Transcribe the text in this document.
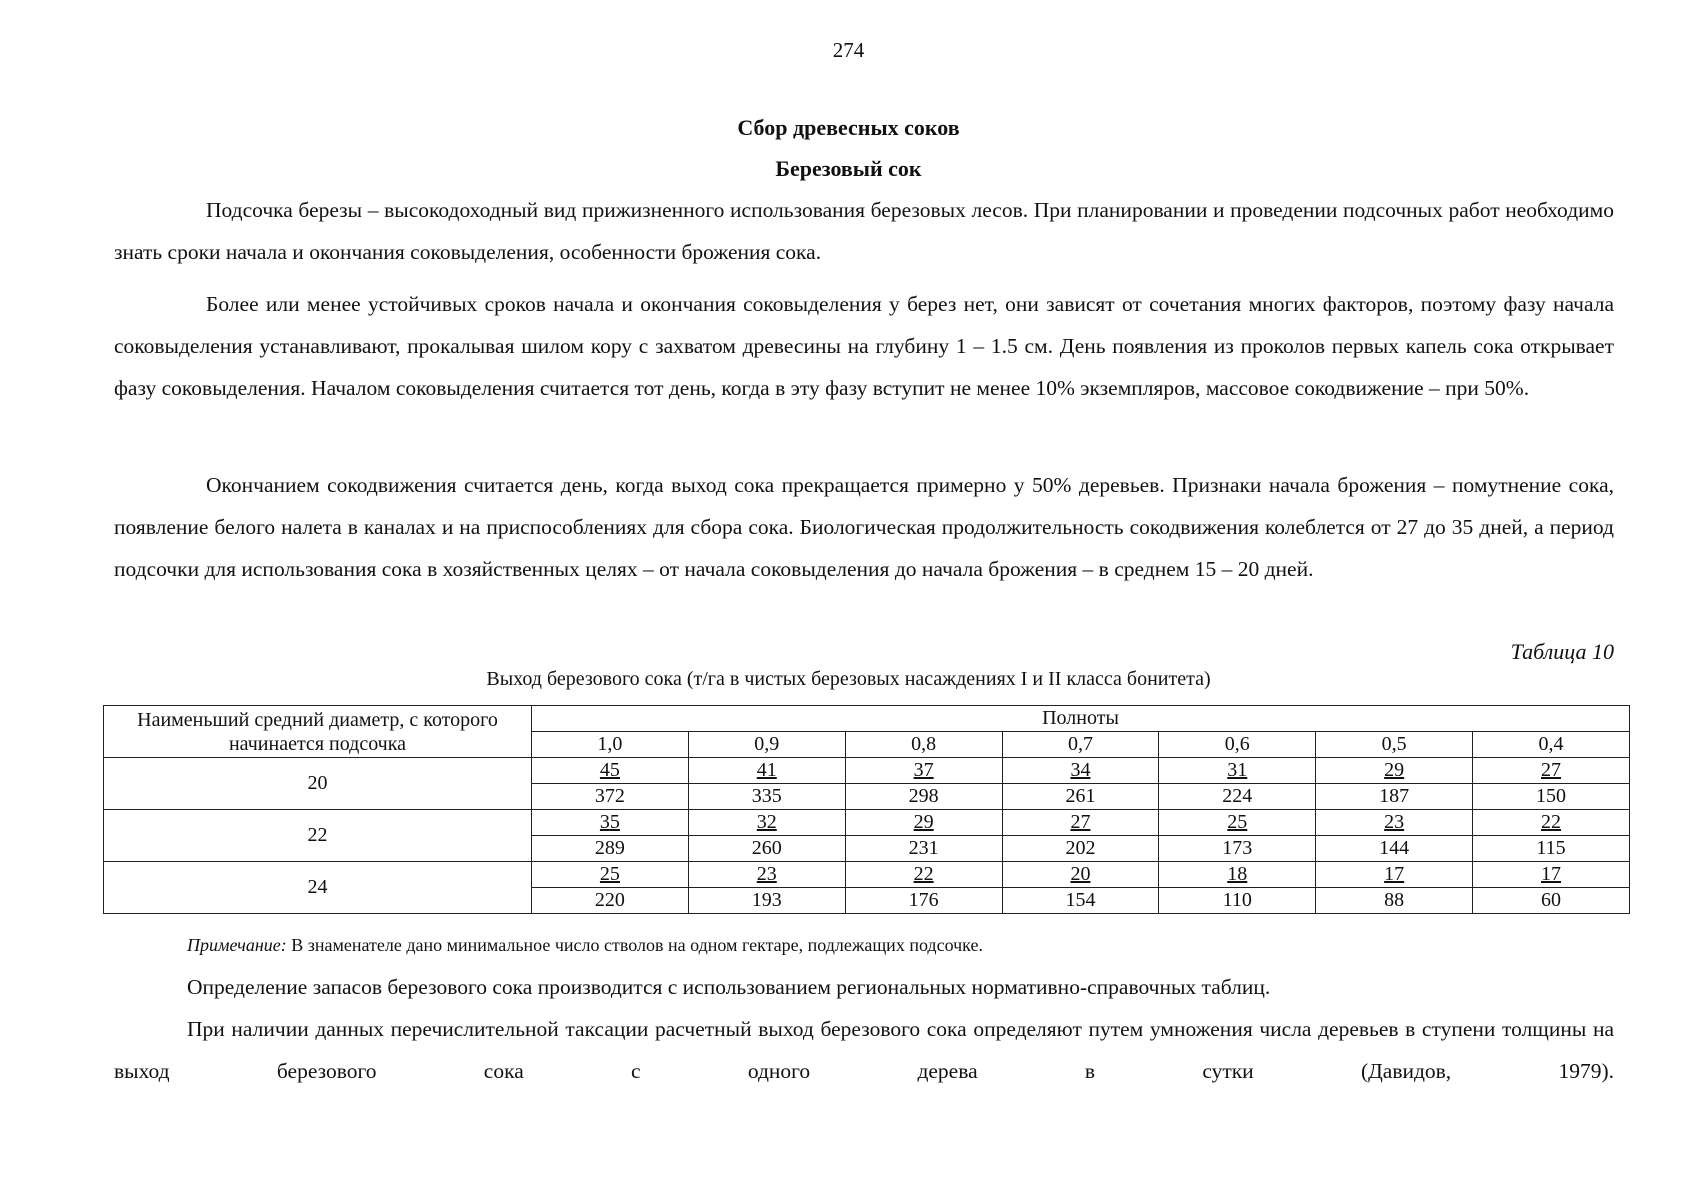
274
Сбор древесных соков
Березовый сок

Подсочка березы – высокодоходный вид прижизненного использования березовых лесов. При планировании и проведении подсочных работ необходимо знать сроки начала и окончания соковыделения, особенности брожения сока.

Более или менее устойчивых сроков начала и окончания соковыделения у берез нет, они зависят от сочетания многих факторов, поэтому фазу начала соковыделения устанавливают, прокалывая шилом кору с захватом древесины на глубину 1 – 1.5 см. День появления из проколов первых капель сока открывает фазу соковыделения. Началом соковыделения считается тот день, когда в эту фазу вступит не менее 10% экземпляров, массовое сокодвижение – при 50%.

Окончанием сокодвижения считается день, когда выход сока прекращается примерно у 50% деревьев. Признаки начала брожения – помутнение сока, появление белого налета в каналах и на приспособлениях для сбора сока. Биологическая продолжительность сокодвижения колеблется от 27 до 35 дней, а период подсочки для использования сока в хозяйственных целях – от начала соковыделения до начала брожения – в среднем 15 – 20 дней.

Таблица 10
Выход березового сока (т/га в чистых березовых насаждениях I и II класса бонитета)
Наименьший средний диаметр, с которого начинается подсочка	Полноты						
	1,0	0,9	0,8	0,7	0,6	0,5	0,4
20	45	41	37	34	31	29	27
	372	335	298	261	224	187	150
22	35	32	29	27	25	23	22
	289	260	231	202	173	144	115
24	25	23	22	20	18	17	17
	220	193	176	154	110	88	60
Примечание: В знаменателе дано минимальное число стволов на одном гектаре, подлежащих подсочке.

Определение запасов березового сока производится с использованием региональных нормативно-справочных таблиц.

При наличии данных перечислительной таксации расчетный выход березового сока определяют путем умножения числа деревьев в ступени толщины на выход березового сока с одного дерева в сутки (Давидов, 1979).
